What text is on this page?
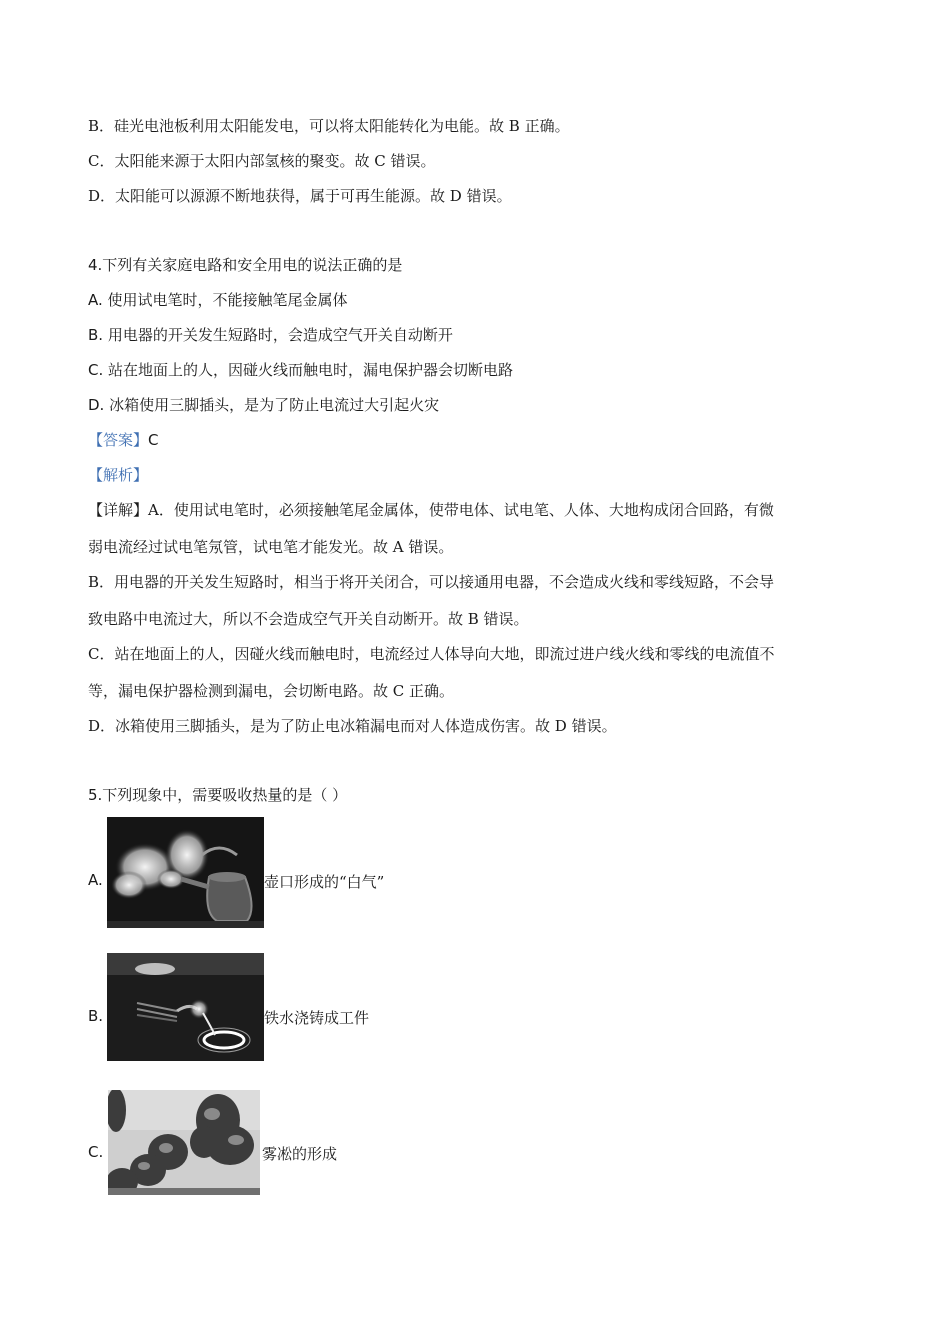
B．硅光电池板利用太阳能发电，可以将太阳能转化为电能。故 B 正确。
C．太阳能来源于太阳内部氢核的聚变。故 C 错误。
D．太阳能可以源源不断地获得，属于可再生能源。故 D 错误。
4.下列有关家庭电路和安全用电的说法正确的是
A. 使用试电笔时，不能接触笔尾金属体
B. 用电器的开关发生短路时，会造成空气开关自动断开
C. 站在地面上的人，因碰火线而触电时，漏电保护器会切断电路
D. 冰箱使用三脚插头，是为了防止电流过大引起火灾
【答案】C
【解析】
【详解】A．使用试电笔时，必须接触笔尾金属体，使带电体、试电笔、人体、大地构成闭合回路，有微
弱电流经过试电笔氖管，试电笔才能发光。故 A 错误。
B．用电器的开关发生短路时，相当于将开关闭合，可以接通用电器，不会造成火线和零线短路，不会导
致电路中电流过大，所以不会造成空气开关自动断开。故 B 错误。
C．站在地面上的人，因碰火线而触电时，电流经过人体导向大地，即流过进户线火线和零线的电流值不
等，漏电保护器检测到漏电，会切断电路。故 C 正确。
D．冰箱使用三脚插头，是为了防止电冰箱漏电而对人体造成伤害。故 D 错误。
5.下列现象中，需要吸收热量的是（ ）
A.	壶口形成的“白气”
B.	铁水浇铸成工件
C.	雾凇的形成
